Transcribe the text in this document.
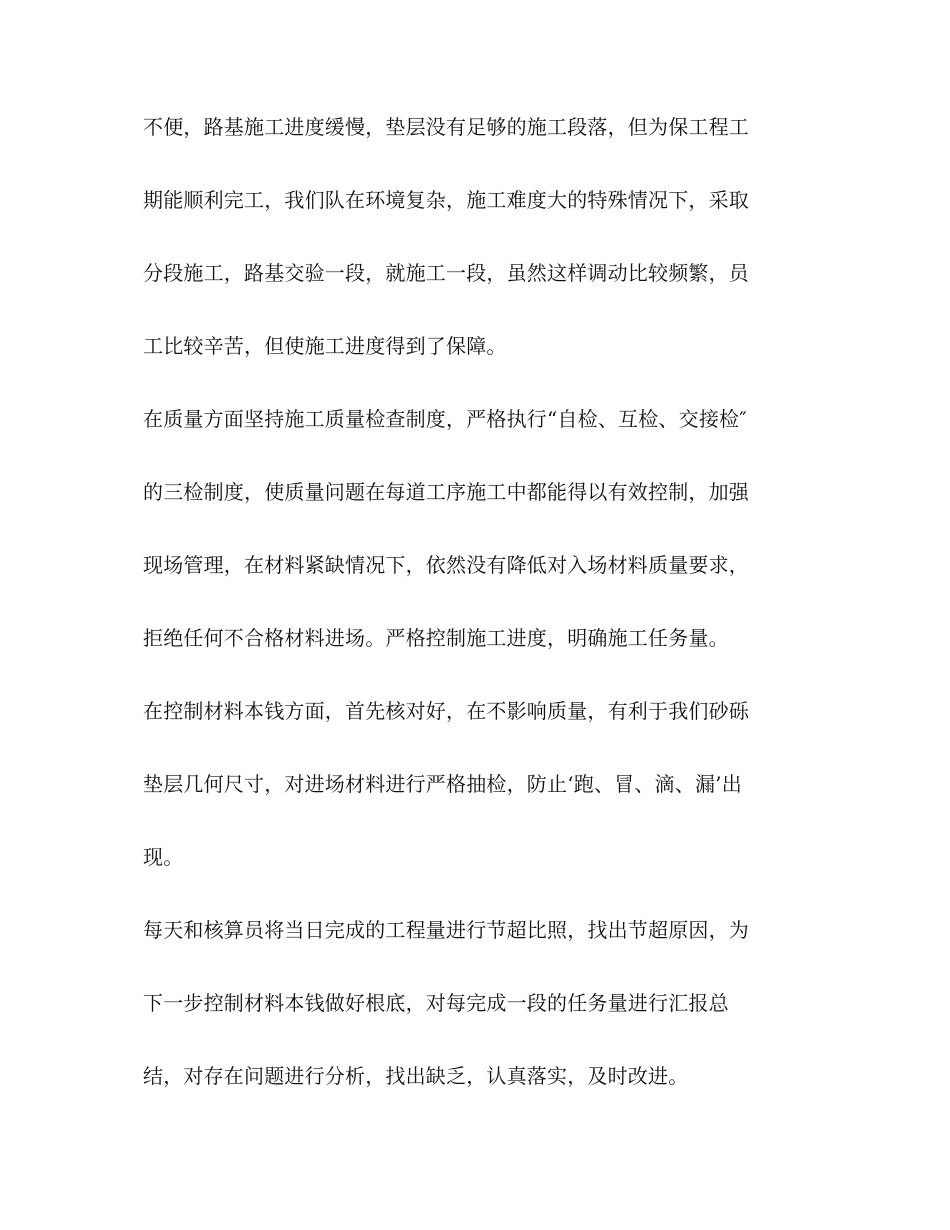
不便，路基施工进度缓慢，垫层没有足够的施工段落，但为保工程工
期能顺利完工，我们队在环境复杂，施工难度大的特殊情况下，采取
分段施工，路基交验一段，就施工一段，虽然这样调动比较频繁，员
工比较辛苦，但使施工进度得到了保障。
在质量方面坚持施工质量检查制度，严格执行“自检、互检、交接检″
的三检制度，使质量问题在每道工序施工中都能得以有效控制，加强
现场管理，在材料紧缺情况下，依然没有降低对入场材料质量要求，
拒绝任何不合格材料进场。严格控制施工进度，明确施工任务量。
在控制材料本钱方面，首先核对好，在不影响质量，有利于我们砂砾
垫层几何尺寸，对进场材料进行严格抽检，防止‘跑、冒、滴、漏’出
现。
每天和核算员将当日完成的工程量进行节超比照，找出节超原因，为
下一步控制材料本钱做好根底，对每完成一段的任务量进行汇报总
结，对存在问题进行分析，找出缺乏，认真落实，及时改进。
